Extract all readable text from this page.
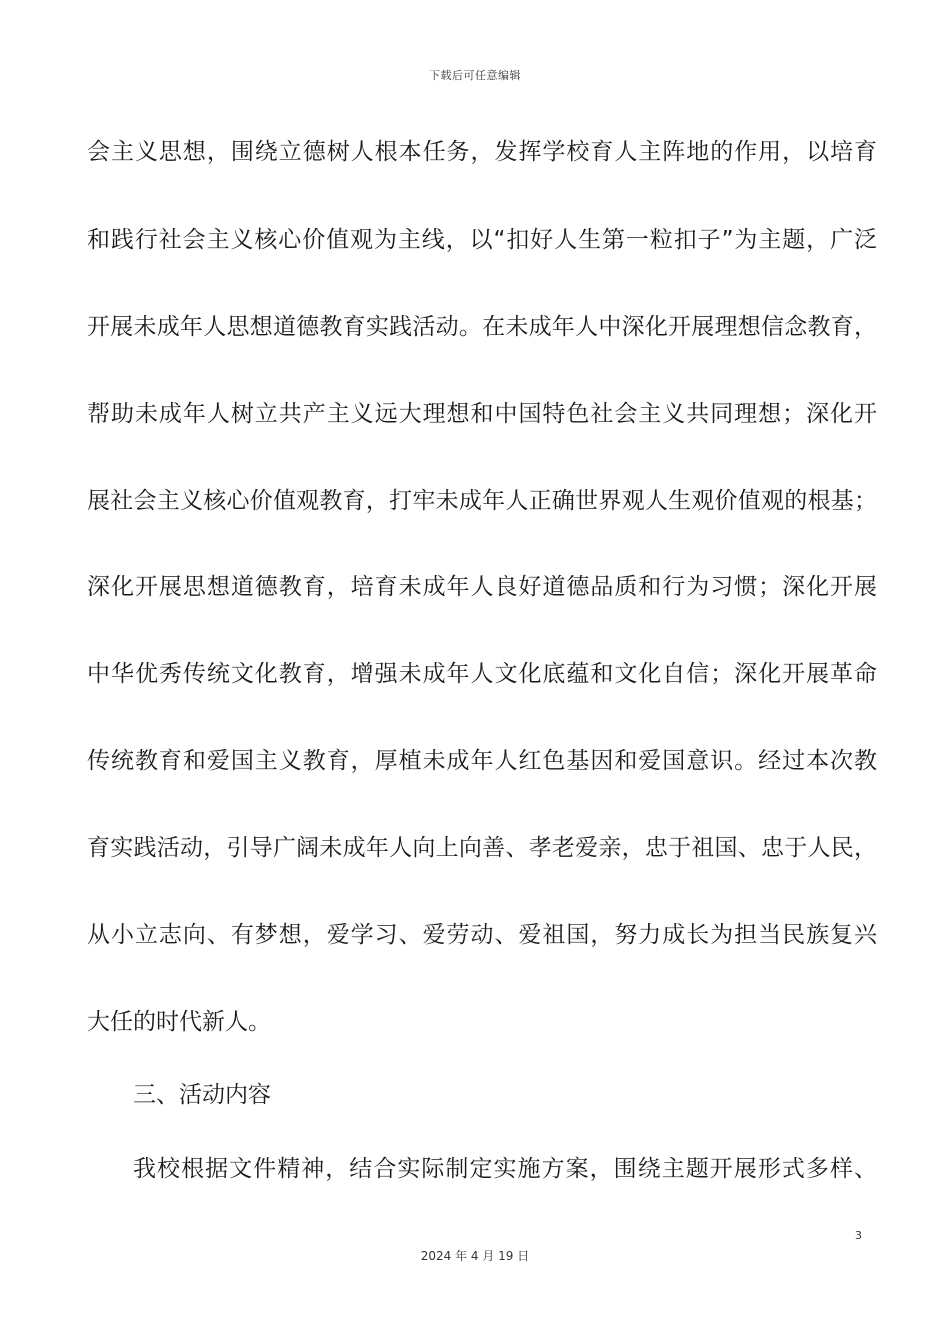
下载后可任意编辑
会主义思想，围绕立德树人根本任务，发挥学校育人主阵地的作用，以培育
和践行社会主义核心价值观为主线，以“扣好人生第一粒扣子”为主题，广泛
开展未成年人思想道德教育实践活动。在未成年人中深化开展理想信念教育，
帮助未成年人树立共产主义远大理想和中国特色社会主义共同理想；深化开
展社会主义核心价值观教育，打牢未成年人正确世界观人生观价值观的根基；
深化开展思想道德教育，培育未成年人良好道德品质和行为习惯；深化开展
中华优秀传统文化教育，增强未成年人文化底蕴和文化自信；深化开展革命
传统教育和爱国主义教育，厚植未成年人红色基因和爱国意识。经过本次教
育实践活动，引导广阔未成年人向上向善、孝老爱亲，忠于祖国、忠于人民，
从小立志向、有梦想，爱学习、爱劳动、爱祖国，努力成长为担当民族复兴
大任的时代新人。
三、活动内容
我校根据文件精神，结合实际制定实施方案，围绕主题开展形式多样、
3
2024 年 4 月 19 日
